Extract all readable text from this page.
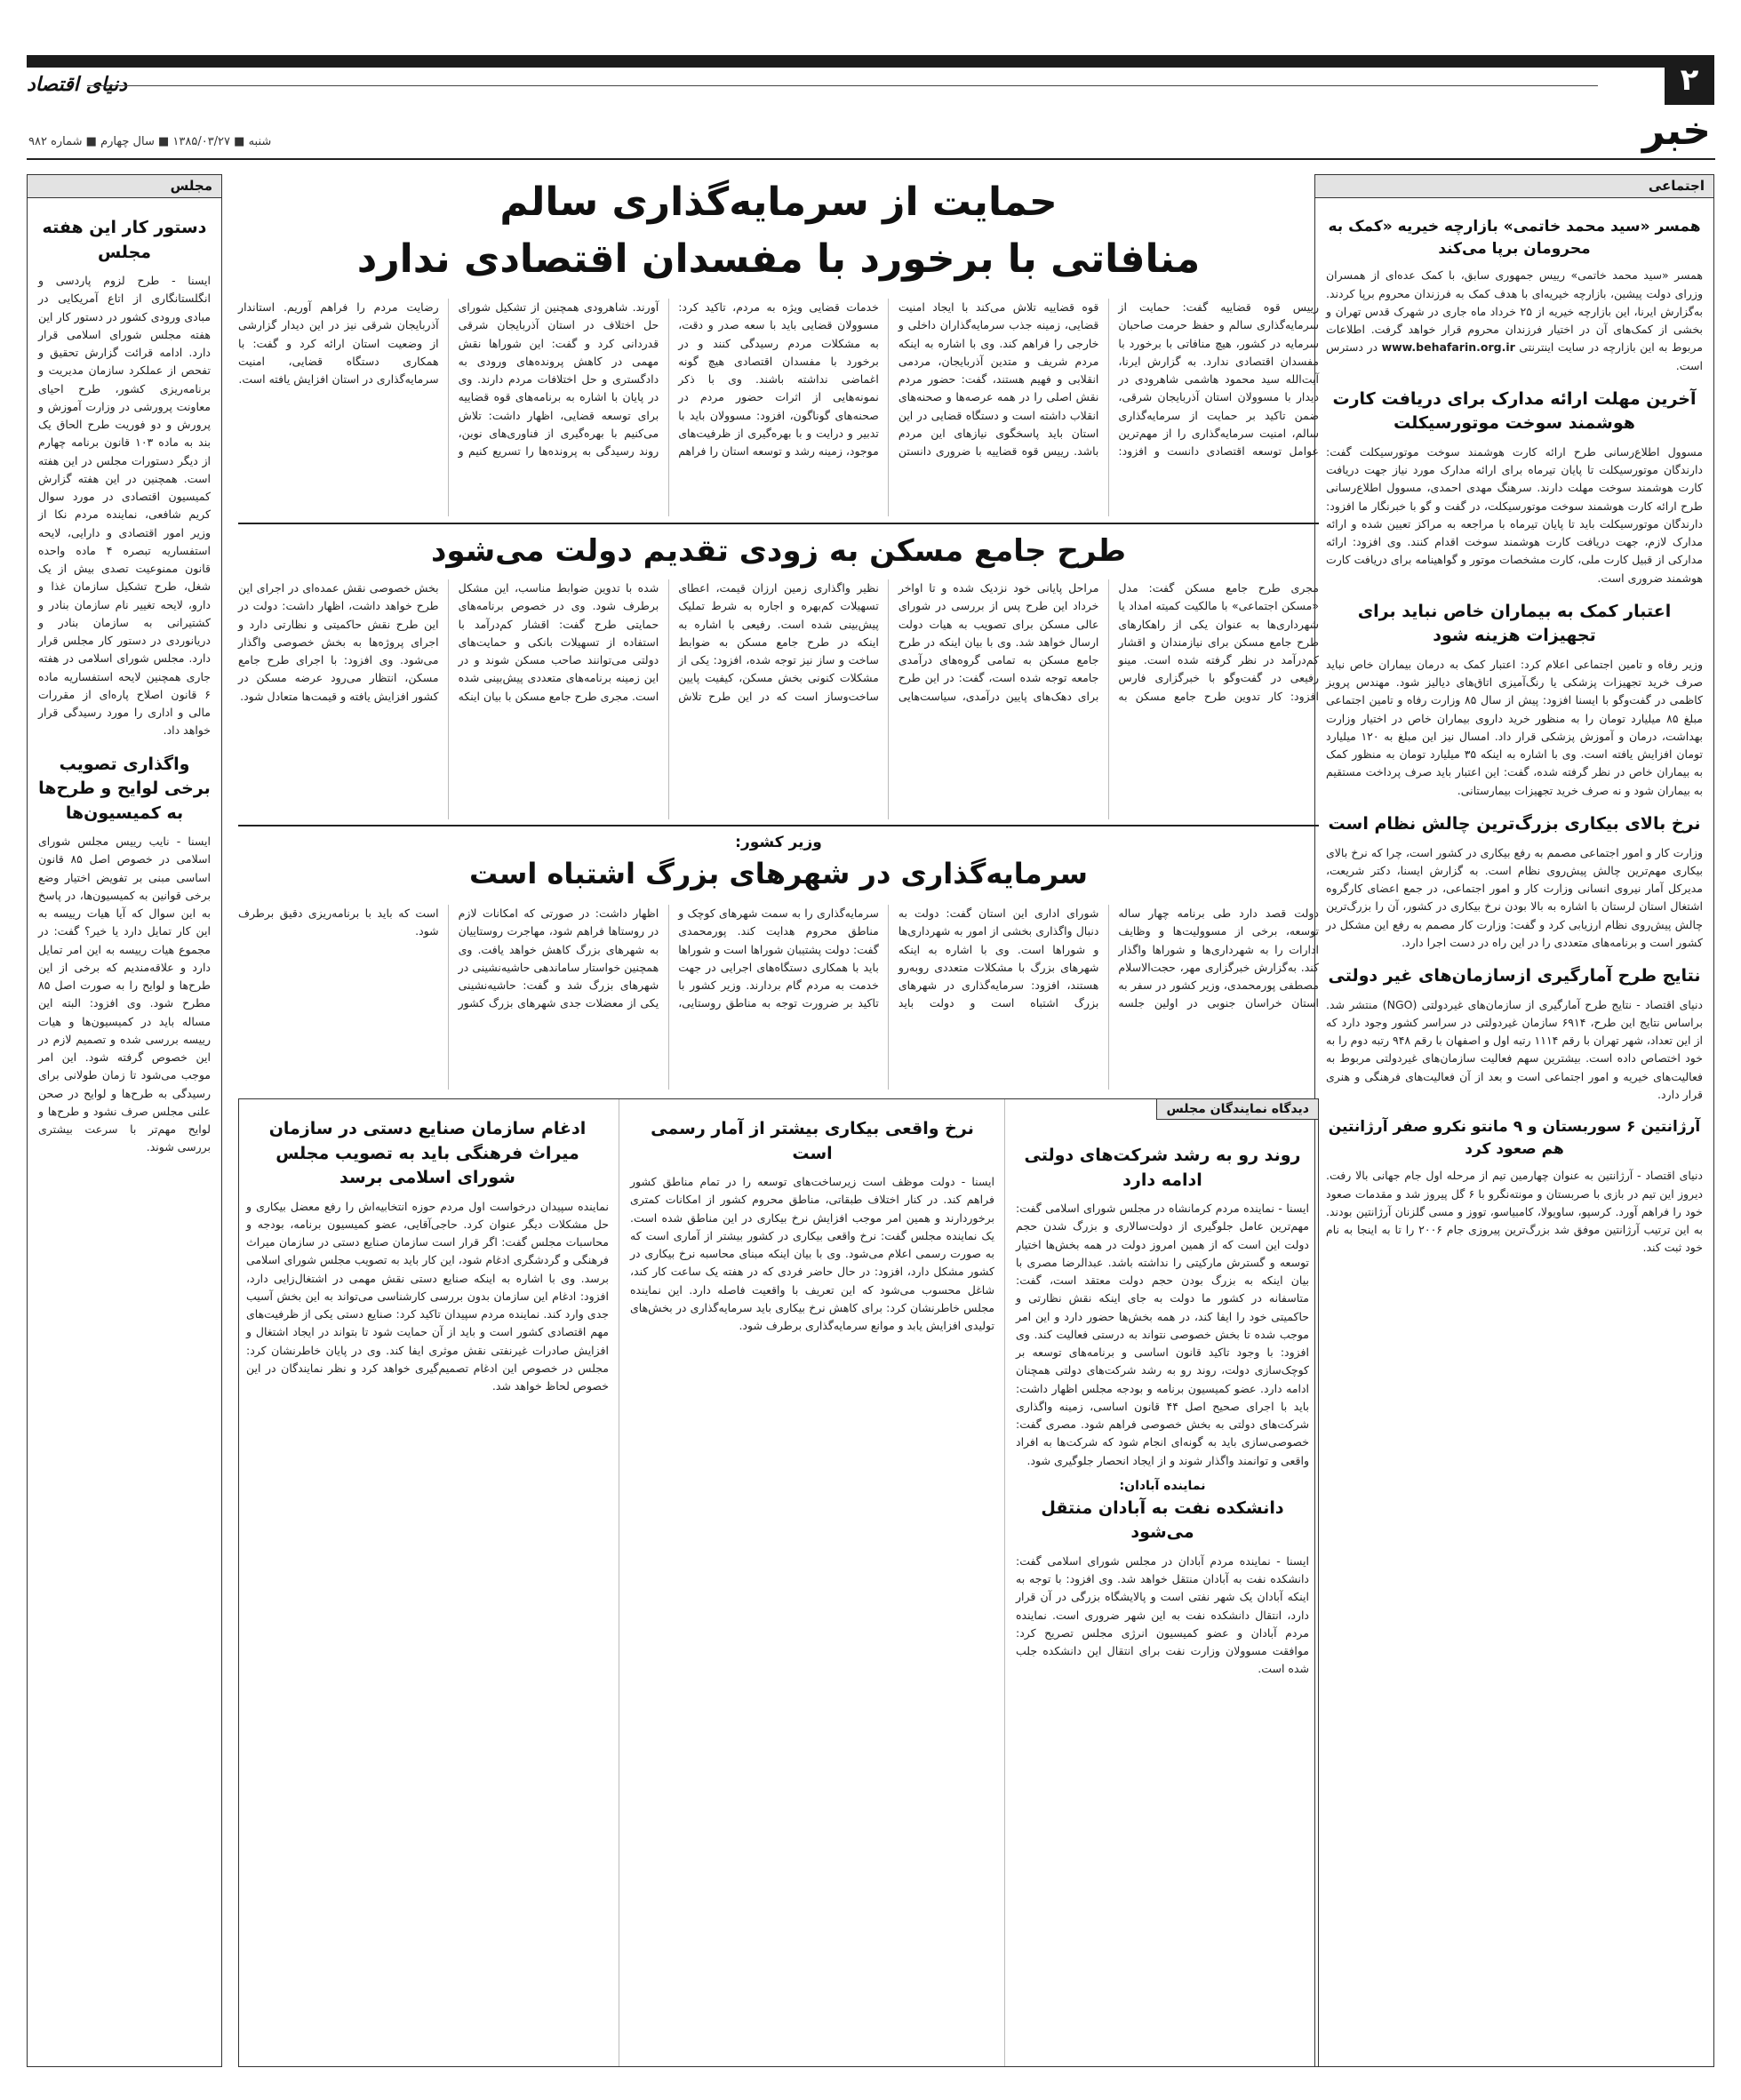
۲
دنیای اقتصاد
خبر
شنبه ■ ۱۳۸۵/۰۳/۲۷ ■ سال چهارم ■ شماره ۹۸۲
اجتماعی
همسر «سید محمد خاتمی» بازارچه خیریه «کمک به محرومان برپا می‌کند

همسر «سید محمد خاتمی» رییس جمهوری سابق، با کمک عده‌ای از همسران وزرای دولت پیشین، بازارچه خیریه‌ای با هدف کمک به فرزندان محروم برپا کردند. به‌گزارش ایرنا، این بازارچه خیریه از ۲۵ خرداد ماه جاری در شهرک قدس تهران و بخشی از کمک‌های آن در اختیار فرزندان محروم قرار خواهد گرفت. اطلاعات مربوط به این بازارچه در سایت اینترنتی www.behafarin.org.ir در دسترس است.

آخرین مهلت ارائه مدارک برای دریافت کارت هوشمند سوخت موتورسیکلت

مسوول اطلاع‌رسانی طرح ارائه کارت هوشمند سوخت موتورسیکلت گفت: دارندگان موتورسیکلت تا پایان تیرماه برای ارائه مدارک مورد نیاز جهت دریافت کارت هوشمند سوخت مهلت دارند. سرهنگ مهدی احمدی، مسوول اطلاع‌رسانی طرح ارائه کارت هوشمند سوخت موتورسیکلت، در گفت و گو با خبرنگار ما افزود: دارندگان موتورسیکلت باید تا پایان تیرماه با مراجعه به مراکز تعیین شده و ارائه مدارک لازم، جهت دریافت کارت هوشمند سوخت اقدام کنند. وی افزود: ارائه مدارکی از قبیل کارت ملی، کارت مشخصات موتور و گواهینامه برای دریافت کارت هوشمند ضروری است.

اعتبار کمک به بیماران خاص نباید برای تجهیزات هزینه شود

وزیر رفاه و تامین اجتماعی اعلام کرد: اعتبار کمک به درمان بیماران خاص نباید صرف خرید تجهیزات پزشکی یا رنگ‌آمیزی اتاق‌های دیالیز شود. مهندس پرویز کاظمی در گفت‌وگو با ایسنا افزود: پیش از سال ۸۵ وزارت رفاه و تامین اجتماعی مبلغ ۸۵ میلیارد تومان را به منظور خرید داروی بیماران خاص در اختیار وزارت بهداشت، درمان و آموزش پزشکی قرار داد. امسال نیز این مبلغ به ۱۲۰ میلیارد تومان افزایش یافته است. وی با اشاره به اینکه ۳۵ میلیارد تومان به منظور کمک به بیماران خاص در نظر گرفته شده، گفت: این اعتبار باید صرف پرداخت مستقیم به بیماران شود و نه صرف خرید تجهیزات بیمارستانی.

نرخ بالای بیکاری بزرگ‌ترین چالش نظام است

وزارت کار و امور اجتماعی مصمم به رفع بیکاری در کشور است، چرا که نرخ بالای بیکاری مهم‌ترین چالش پیش‌روی نظام است. به گزارش ایسنا، دکتر شریعت، مدیرکل آمار نیروی انسانی وزارت کار و امور اجتماعی، در جمع اعضای کارگروه اشتغال استان لرستان با اشاره به بالا بودن نرخ بیکاری در کشور، آن را بزرگ‌ترین چالش پیش‌روی نظام ارزیابی کرد و گفت: وزارت کار مصمم به رفع این مشکل در کشور است و برنامه‌های متعددی را در این راه در دست اجرا دارد.

نتایج طرح آمارگیری ازسازمان‌های غیر دولتی

دنیای اقتصاد - نتایج طرح آمارگیری از سازمان‌های غیردولتی (NGO) منتشر شد. براساس نتایج این طرح، ۶۹۱۴ سازمان غیردولتی در سراسر کشور وجود دارد که از این تعداد، شهر تهران با رقم ۱۱۱۴ رتبه اول و اصفهان با رقم ۹۴۸ رتبه دوم را به خود اختصاص داده است. بیشترین سهم فعالیت سازمان‌های غیردولتی مربوط به فعالیت‌های خیریه و امور اجتماعی است و بعد از آن فعالیت‌های فرهنگی و هنری قرار دارد.

آرژانتین ۶ سوربستان و ۹ مانتو نکرو صفر آرژانتین هم صعود کرد

دنیای اقتصاد - آرژانتین به عنوان چهارمین تیم از مرحله اول جام جهانی بالا رفت. دیروز این تیم در بازی با صربستان و مونته‌نگرو با ۶ گل پیروز شد و مقدمات صعود خود را فراهم آورد. کرسپو، ساویولا، کامبیاسو، تووز و مسی گلزنان آرژانتین بودند. به این ترتیب آرژانتین موفق شد بزرگ‌ترین پیروزی جام ۲۰۰۶ را تا به اینجا به نام خود ثبت کند.

مجلس
دستور کار این هفته مجلس

ایسنا - طرح لزوم پاردسی و انگلستانگاری از اتاع آمریکایی در مبادی ورودی کشور در دستور کار این هفته مجلس شورای اسلامی قرار دارد. ادامه قرائت گزارش تحقیق و تفحص از عملکرد سازمان مدیریت و برنامه‌ریزی کشور، طرح احیای معاونت پرورشی در وزارت آموزش و پرورش و دو فوریت طرح الحاق یک بند به ماده ۱۰۳ قانون برنامه چهارم از دیگر دستورات مجلس در این هفته است. همچنین در این هفته گزارش کمیسیون اقتصادی در مورد سوال کریم شافعی، نماینده مردم نکا از وزیر امور اقتصادی و دارایی، لایحه استفساریه تبصره ۴ ماده واحده قانون ممنوعیت تصدی بیش از یک شغل، طرح تشکیل سازمان غذا و دارو، لایحه تغییر نام سازمان بنادر و کشتیرانی به سازمان بنادر و دریانوردی در دستور کار مجلس قرار دارد. مجلس شورای اسلامی در هفته جاری همچنین لایحه استفساریه ماده ۶ قانون اصلاح پاره‌ای از مقررات مالی و اداری را مورد رسیدگی قرار خواهد داد.

واگذاری تصویب برخی لوایح و طرح‌ها به کمیسیون‌ها

ایسنا - نایب رییس مجلس شورای اسلامی در خصوص اصل ۸۵ قانون اساسی مبنی بر تفویض اختیار وضع برخی قوانین به کمیسیون‌ها، در پاسخ به این سوال که آیا هیات رییسه به این کار تمایل دارد یا خیر؟ گفت: در مجموع هیات رییسه به این امر تمایل دارد و علاقه‌مندیم که برخی از این طرح‌ها و لوایح را به صورت اصل ۸۵ مطرح شود. وی افزود: البته این مساله باید در کمیسیون‌ها و هیات رییسه بررسی شده و تصمیم لازم در این خصوص گرفته شود. این امر موجب می‌شود تا زمان طولانی برای رسیدگی به طرح‌ها و لوایح در صحن علنی مجلس صرف نشود و طرح‌ها و لوایح مهم‌تر با سرعت بیشتری بررسی شوند.

حمایت از سرمایه‌گذاری سالم
منافاتی با برخورد با مفسدان اقتصادی ندارد
رییس قوه قضاییه گفت: حمایت از سرمایه‌گذاری سالم و حفظ حرمت صاحبان سرمایه در کشور، هیچ منافاتی با برخورد با مفسدان اقتصادی ندارد. به گزارش ایرنا، آیت‌الله سید محمود هاشمی شاهرودی در دیدار با مسوولان استان آذربایجان شرقی، ضمن تاکید بر حمایت از سرمایه‌گذاری سالم، امنیت سرمایه‌گذاری را از مهم‌ترین عوامل توسعه اقتصادی دانست و افزود: قوه قضاییه تلاش می‌کند با ایجاد امنیت قضایی، زمینه جذب سرمایه‌گذاران داخلی و خارجی را فراهم کند. وی با اشاره به اینکه مردم شریف و متدین آذربایجان، مردمی انقلابی و فهیم هستند، گفت: حضور مردم نقش اصلی را در همه عرصه‌ها و صحنه‌های انقلاب داشته است و دستگاه قضایی در این استان باید پاسخگوی نیازهای این مردم باشد. رییس قوه قضاییه با ضروری دانستن خدمات قضایی ویژه به مردم، تاکید کرد: مسوولان قضایی باید با سعه صدر و دقت، به مشکلات مردم رسیدگی کنند و در برخورد با مفسدان اقتصادی هیچ گونه اغماضی نداشته باشند. وی با ذکر نمونه‌هایی از اثرات حضور مردم در صحنه‌های گوناگون، افزود: مسوولان باید با تدبیر و درایت و با بهره‌گیری از ظرفیت‌های موجود، زمینه رشد و توسعه استان را فراهم آورند. شاهرودی همچنین از تشکیل شورای حل اختلاف در استان آذربایجان شرقی قدردانی کرد و گفت: این شوراها نقش مهمی در کاهش پرونده‌های ورودی به دادگستری و حل اختلافات مردم دارند. وی در پایان با اشاره به برنامه‌های قوه قضاییه برای توسعه قضایی، اظهار داشت: تلاش می‌کنیم با بهره‌گیری از فناوری‌های نوین، روند رسیدگی به پرونده‌ها را تسریع کنیم و رضایت مردم را فراهم آوریم. استاندار آذربایجان شرقی نیز در این دیدار گزارشی از وضعیت استان ارائه کرد و گفت: با همکاری دستگاه قضایی، امنیت سرمایه‌گذاری در استان افزایش یافته است.
طرح جامع مسکن به زودی تقدیم دولت می‌شود
مجری طرح جامع مسکن گفت: مدل «مسکن اجتماعی» با مالکیت کمیته امداد یا شهرداری‌ها به عنوان یکی از راهکارهای طرح جامع مسکن برای نیازمندان و اقشار کم‌درآمد در نظر گرفته شده است. مینو رفیعی در گفت‌وگو با خبرگزاری فارس افزود: کار تدوین طرح جامع مسکن به مراحل پایانی خود نزدیک شده و تا اواخر خرداد این طرح پس از بررسی در شورای عالی مسکن برای تصویب به هیات دولت ارسال خواهد شد. وی با بیان اینکه در طرح جامع مسکن به تمامی گروه‌های درآمدی جامعه توجه شده است، گفت: در این طرح برای دهک‌های پایین درآمدی، سیاست‌هایی نظیر واگذاری زمین ارزان قیمت، اعطای تسهیلات کم‌بهره و اجاره به شرط تملیک پیش‌بینی شده است. رفیعی با اشاره به اینکه در طرح جامع مسکن به ضوابط ساخت و ساز نیز توجه شده، افزود: یکی از مشکلات کنونی بخش مسکن، کیفیت پایین ساخت‌وساز است که در این طرح تلاش شده با تدوین ضوابط مناسب، این مشکل برطرف شود. وی در خصوص برنامه‌های حمایتی طرح گفت: اقشار کم‌درآمد با استفاده از تسهیلات بانکی و حمایت‌های دولتی می‌توانند صاحب مسکن شوند و در این زمینه برنامه‌های متعددی پیش‌بینی شده است. مجری طرح جامع مسکن با بیان اینکه بخش خصوصی نقش عمده‌ای در اجرای این طرح خواهد داشت، اظهار داشت: دولت در این طرح نقش حاکمیتی و نظارتی دارد و اجرای پروژه‌ها به بخش خصوصی واگذار می‌شود. وی افزود: با اجرای طرح جامع مسکن، انتظار می‌رود عرضه مسکن در کشور افزایش یافته و قیمت‌ها متعادل شود.
وزیر کشور:
سرمایه‌گذاری در شهرهای بزرگ اشتباه است
دولت قصد دارد طی برنامه چهار ساله توسعه، برخی از مسوولیت‌ها و وظایف ادارات را به شهرداری‌ها و شوراها واگذار کند. به‌گزارش خبرگزاری مهر، حجت‌الاسلام مصطفی پورمحمدی، وزیر کشور در سفر به استان خراسان جنوبی در اولین جلسه شورای اداری این استان گفت: دولت به دنبال واگذاری بخشی از امور به شهرداری‌ها و شوراها است. وی با اشاره به اینکه شهرهای بزرگ با مشکلات متعددی روبه‌رو هستند، افزود: سرمایه‌گذاری در شهرهای بزرگ اشتباه است و دولت باید سرمایه‌گذاری را به سمت شهرهای کوچک و مناطق محروم هدایت کند. پورمحمدی گفت: دولت پشتیبان شوراها است و شوراها باید با همکاری دستگاه‌های اجرایی در جهت خدمت به مردم گام بردارند. وزیر کشور با تاکید بر ضرورت توجه به مناطق روستایی، اظهار داشت: در صورتی که امکانات لازم در روستاها فراهم شود، مهاجرت روستاییان به شهرهای بزرگ کاهش خواهد یافت. وی همچنین خواستار ساماندهی حاشیه‌نشینی در شهرهای بزرگ شد و گفت: حاشیه‌نشینی یکی از معضلات جدی شهرهای بزرگ کشور است که باید با برنامه‌ریزی دقیق برطرف شود.
دیدگاه نمایندگان مجلس
روند رو به رشد شرکت‌های دولتی ادامه دارد

ایسنا - نماینده مردم کرمانشاه در مجلس شورای اسلامی گفت: مهم‌ترین عامل جلوگیری از دولت‌سالاری و بزرگ شدن حجم دولت این است که از همین امروز دولت در همه بخش‌ها اختیار توسعه و گسترش مارکیتی را نداشته باشد. عبدالرضا مصری با بیان اینکه به بزرگ بودن حجم دولت معتقد است، گفت: متاسفانه در کشور ما دولت به جای اینکه نقش نظارتی و حاکمیتی خود را ایفا کند، در همه بخش‌ها حضور دارد و این امر موجب شده تا بخش خصوصی نتواند به درستی فعالیت کند. وی افزود: با وجود تاکید قانون اساسی و برنامه‌های توسعه بر کوچک‌سازی دولت، روند رو به رشد شرکت‌های دولتی همچنان ادامه دارد. عضو کمیسیون برنامه و بودجه مجلس اظهار داشت: باید با اجرای صحیح اصل ۴۴ قانون اساسی، زمینه واگذاری شرکت‌های دولتی به بخش خصوصی فراهم شود. مصری گفت: خصوصی‌سازی باید به گونه‌ای انجام شود که شرکت‌ها به افراد واقعی و توانمند واگذار شوند و از ایجاد انحصار جلوگیری شود.

نماینده آبادان:
دانشکده نفت به آبادان منتقل می‌شود

ایسنا - نماینده مردم آبادان در مجلس شورای اسلامی گفت: دانشکده نفت به آبادان منتقل خواهد شد. وی افزود: با توجه به اینکه آبادان یک شهر نفتی است و پالایشگاه بزرگی در آن قرار دارد، انتقال دانشکده نفت به این شهر ضروری است. نماینده مردم آبادان و عضو کمیسیون انرژی مجلس تصریح کرد: موافقت مسوولان وزارت نفت برای انتقال این دانشکده جلب شده است.

نرخ واقعی بیکاری بیشتر از آمار رسمی است

ایسنا - دولت موظف است زیرساخت‌های توسعه را در تمام مناطق کشور فراهم کند. در کنار اختلاف طبقاتی، مناطق محروم کشور از امکانات کمتری برخوردارند و همین امر موجب افزایش نرخ بیکاری در این مناطق شده است. یک نماینده مجلس گفت: نرخ واقعی بیکاری در کشور بیشتر از آماری است که به صورت رسمی اعلام می‌شود. وی با بیان اینکه مبنای محاسبه نرخ بیکاری در کشور مشکل دارد، افزود: در حال حاضر فردی که در هفته یک ساعت کار کند، شاغل محسوب می‌شود که این تعریف با واقعیت فاصله دارد. این نماینده مجلس خاطرنشان کرد: برای کاهش نرخ بیکاری باید سرمایه‌گذاری در بخش‌های تولیدی افزایش یابد و موانع سرمایه‌گذاری برطرف شود.

ادغام سازمان صنایع دستی در سازمان میراث فرهنگی باید به تصویب مجلس شورای اسلامی برسد

نماینده سپیدان درخواست اول مردم حوزه انتخابیه‌اش را رفع معضل بیکاری و حل مشکلات دیگر عنوان کرد. حاجی‌آقایی، عضو کمیسیون برنامه، بودجه و محاسبات مجلس گفت: اگر قرار است سازمان صنایع دستی در سازمان میراث فرهنگی و گردشگری ادغام شود، این کار باید به تصویب مجلس شورای اسلامی برسد. وی با اشاره به اینکه صنایع دستی نقش مهمی در اشتغال‌زایی دارد، افزود: ادغام این سازمان بدون بررسی کارشناسی می‌تواند به این بخش آسیب جدی وارد کند. نماینده مردم سپیدان تاکید کرد: صنایع دستی یکی از ظرفیت‌های مهم اقتصادی کشور است و باید از آن حمایت شود تا بتواند در ایجاد اشتغال و افزایش صادرات غیرنفتی نقش موثری ایفا کند. وی در پایان خاطرنشان کرد: مجلس در خصوص این ادغام تصمیم‌گیری خواهد کرد و نظر نمایندگان در این خصوص لحاظ خواهد شد.
